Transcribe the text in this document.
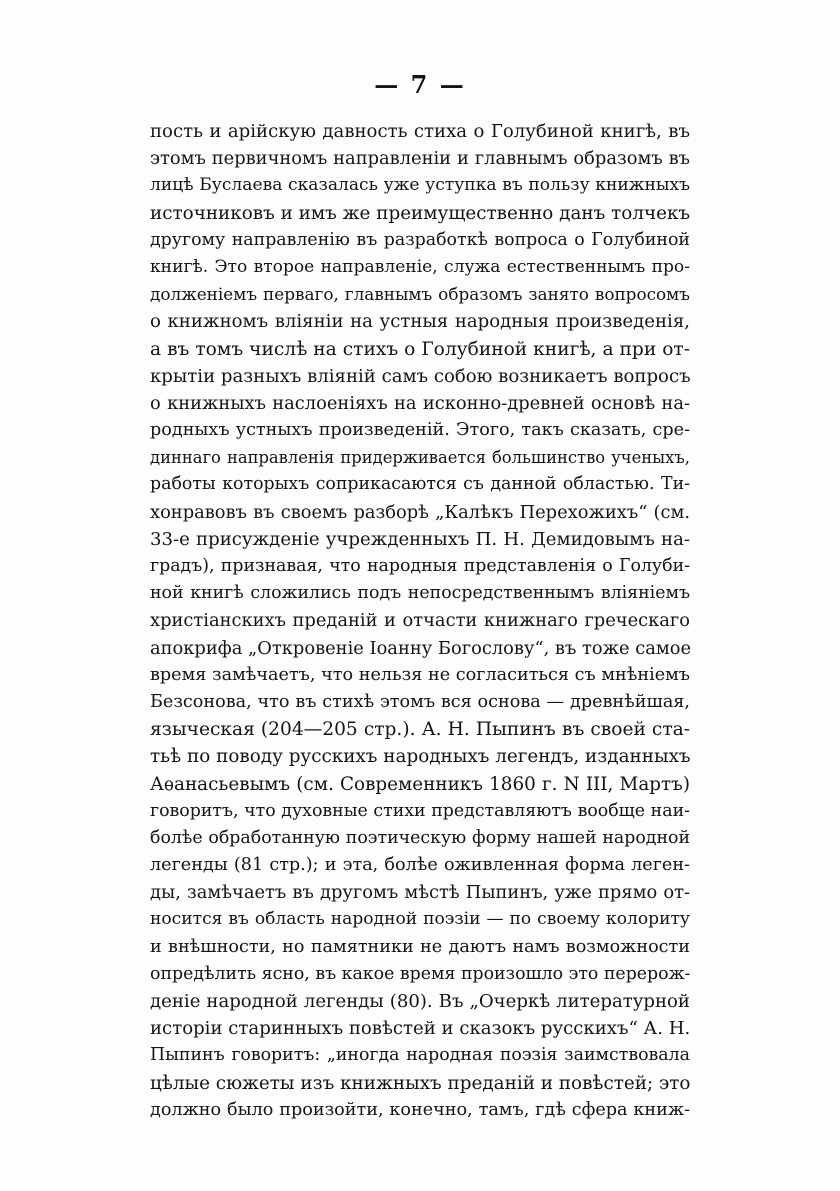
— 7 —
пость и арійскую давность стиха о Голубиной книгѣ, въ
этомъ первичномъ направленіи и главнымъ образомъ въ
лицѣ Буслаева сказалась уже уступка въ пользу книжныхъ
источниковъ и имъ же преимущественно данъ толчекъ
другому направленію въ разработкѣ вопроса о Голубиной
книгѣ. Это второе направленіе, служа естественнымъ про-
долженіемъ перваго, главнымъ образомъ занято вопросомъ
о книжномъ вліяніи на устныя народныя произведенія,
а въ томъ числѣ на стихъ о Голубиной книгѣ, а при от-
крытіи разныхъ вліяній самъ собою возникаетъ вопросъ
о книжныхъ наслоеніяхъ на исконно-древней основѣ на-
родныхъ устныхъ произведеній. Этого, такъ сказать, сре-
диннаго направленія придерживается большинство ученыхъ,
работы которыхъ соприкасаются съ данной областью. Ти-
хонравовъ въ своемъ разборѣ „Калѣкъ Перехожихъ“ (см.
33-е присужденіе учрежденныхъ П. Н. Демидовымъ на-
градъ), признавая, что народныя представленія о Голуби-
ной книгѣ сложились подъ непосредственнымъ вліяніемъ
христіанскихъ преданій и отчасти книжнаго греческаго
апокрифа „Откровеніе Іоанну Богослову“, въ тоже самое
время замѣчаетъ, что нельзя не согласиться съ мнѣніемъ
Безсонова, что въ стихѣ этомъ вся основа — древнѣйшая,
языческая (204—205 стр.). А. Н. Пыпинъ въ своей ста-
тьѣ по поводу русскихъ народныхъ легендъ, изданныхъ
Аѳанасьевымъ (см. Современникъ 1860 г. N III, Мартъ)
говоритъ, что духовные стихи представляютъ вообще наи-
болѣе обработанную поэтическую форму нашей народной
легенды (81 стр.); и эта, болѣе оживленная форма леген-
ды, замѣчаетъ въ другомъ мѣстѣ Пыпинъ, уже прямо от-
носится въ область народной поэзіи — по своему колориту
и внѣшности, но памятники не даютъ намъ возможности
опредѣлить ясно, въ какое время произошло это перерож-
деніе народной легенды (80). Въ „Очеркѣ литературной
исторіи старинныхъ повѣстей и сказокъ русскихъ“ А. Н.
Пыпинъ говоритъ: „иногда народная поэзія заимствовала
цѣлые сюжеты изъ книжныхъ преданій и повѣстей; это
должно было произойти, конечно, тамъ, гдѣ сфера книж-
